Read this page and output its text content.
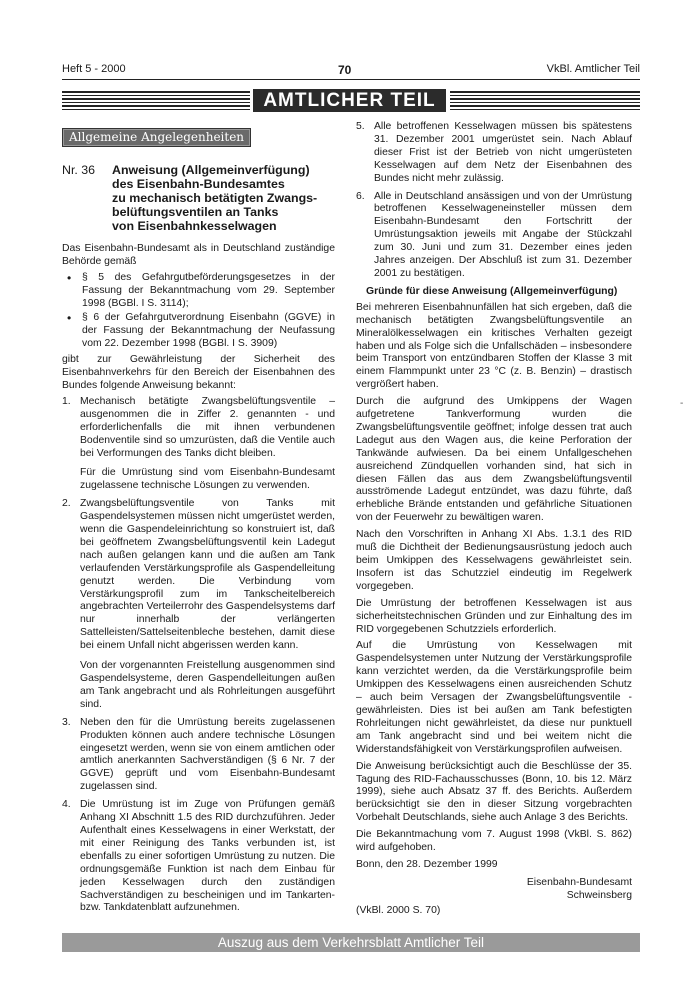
Heft 5 - 2000	70	VkBl. Amtlicher Teil
AMTLICHER TEIL
Allgemeine Angelegenheiten
Nr. 36	Anweisung (Allgemeinverfügung)
des Eisenbahn-Bundesamtes
zu mechanisch betätigten Zwangs-
belüftungsventilen an Tanks
von Eisenbahnkesselwagen

Das Eisenbahn-Bundesamt als in Deutschland zuständige Behörde gemäß

• § 5 des Gefahrgutbeförderungsgesetzes in der Fassung der Bekanntmachung vom 29. September 1998 (BGBl. I S. 3114);
• § 6 der Gefahrgutverordnung Eisenbahn (GGVE) in der Fassung der Bekanntmachung der Neufassung vom 22. Dezember 1998 (BGBl. I S. 3909)

gibt zur Gewährleistung der Sicherheit des Eisenbahnverkehrs für den Bereich der Eisenbahnen des Bundes folgende Anweisung bekannt:

1. Mechanisch betätigte Zwangsbelüftungsventile – ausgenommen die in Ziffer 2. genannten - und erforderlichenfalls die mit ihnen verbundenen Bodenventile sind so umzurüsten, daß die Ventile auch bei Verformungen des Tanks dicht bleiben.

Für die Umrüstung sind vom Eisenbahn-Bundesamt zugelassene technische Lösungen zu verwenden.

2. Zwangsbelüftungsventile von Tanks mit Gaspendelsystemen müssen nicht umgerüstet werden, wenn die Gaspendeleinrichtung so konstruiert ist, daß bei geöffnetem Zwangsbelüftungsventil kein Ladegut nach außen gelangen kann und die außen am Tank verlaufenden Verstärkungsprofile als Gaspendelleitung genutzt werden. Die Verbindung vom Verstärkungsprofil zum im Tankscheitelbereich angebrachten Verteilerrohr des Gaspendelsystems darf nur innerhalb der verlängerten Sattelleisten/Sattelseitenbleche bestehen, damit diese bei einem Unfall nicht abgerissen werden kann.

Von der vorgenannten Freistellung ausgenommen sind Gaspendelsysteme, deren Gaspendelleitungen außen am Tank angebracht und als Rohrleitungen ausgeführt sind.

3. Neben den für die Umrüstung bereits zugelassenen Produkten können auch andere technische Lösungen eingesetzt werden, wenn sie von einem amtlichen oder amtlich anerkannten Sachverständigen (§ 6 Nr. 7 der GGVE) geprüft und vom Eisenbahn-Bundesamt zugelassen sind.

4. Die Umrüstung ist im Zuge von Prüfungen gemäß Anhang XI Abschnitt 1.5 des RID durchzuführen. Jeder Aufenthalt eines Kesselwagens in einer Werkstatt, der mit einer Reinigung des Tanks verbunden ist, ist ebenfalls zu einer sofortigen Umrüstung zu nutzen. Die ordnungsgemäße Funktion ist nach dem Einbau für jeden Kesselwagen durch den zuständigen Sachverständigen zu bescheinigen und im Tankarten- bzw. Tankdatenblatt aufzunehmen.

5. Alle betroffenen Kesselwagen müssen bis spätestens 31. Dezember 2001 umgerüstet sein. Nach Ablauf dieser Frist ist der Betrieb von nicht umgerüsteten Kesselwagen auf dem Netz der Eisenbahnen des Bundes nicht mehr zulässig.

6. Alle in Deutschland ansässigen und von der Umrüstung betroffenen Kesselwageneinsteller müssen dem Eisenbahn-Bundesamt den Fortschritt der Umrüstungsaktion jeweils mit Angabe der Stückzahl zum 30. Juni und zum 31. Dezember eines jeden Jahres anzeigen. Der Abschluß ist zum 31. Dezember 2001 zu bestätigen.

Gründe für diese Anweisung (Allgemeinverfügung)

Bei mehreren Eisenbahnunfällen hat sich ergeben, daß die mechanisch betätigten Zwangsbelüftungsventile an Mineralölkesselwagen ein kritisches Verhalten gezeigt haben und als Folge sich die Unfallschäden – insbesondere beim Transport von entzündbaren Stoffen der Klasse 3 mit einem Flammpunkt unter 23 °C (z. B. Benzin) – drastisch vergrößert haben.

Durch die aufgrund des Umkippens der Wagen aufgetretene Tankverformung wurden die Zwangsbelüftungsventile geöffnet; infolge dessen trat auch Ladegut aus den Wagen aus, die keine Perforation der Tankwände aufwiesen. Da bei einem Unfallgeschehen ausreichend Zündquellen vorhanden sind, hat sich in diesen Fällen das aus dem Zwangsbelüftungsventil ausströmende Ladegut entzündet, was dazu führte, daß erhebliche Brände entstanden und gefährliche Situationen von der Feuerwehr zu bewältigen waren.

Nach den Vorschriften in Anhang XI Abs. 1.3.1 des RID muß die Dichtheit der Bedienungsausrüstung jedoch auch beim Umkippen des Kesselwagens gewährleistet sein. Insofern ist das Schutzziel eindeutig im Regelwerk vorgegeben.

Die Umrüstung der betroffenen Kesselwagen ist aus sicherheitstechnischen Gründen und zur Einhaltung des im RID vorgegebenen Schutzziels erforderlich.

Auf die Umrüstung von Kesselwagen mit Gaspendelsystemen unter Nutzung der Verstärkungsprofile kann verzichtet werden, da die Verstärkungsprofile beim Umkippen des Kesselwagens einen ausreichenden Schutz – auch beim Versagen der Zwangsbelüftungsventile - gewährleisten. Dies ist bei außen am Tank befestigten Rohrleitungen nicht gewährleistet, da diese nur punktuell am Tank angebracht sind und bei weitem nicht die Widerstandsfähigkeit von Verstärkungsprofilen aufweisen.

Die Anweisung berücksichtigt auch die Beschlüsse der 35. Tagung des RID-Fachausschusses (Bonn, 10. bis 12. März 1999), siehe auch Absatz 37 ff. des Berichts. Außerdem berücksichtigt sie den in dieser Sitzung vorgebrachten Vorbehalt Deutschlands, siehe auch Anlage 3 des Berichts.

Die Bekanntmachung vom 7. August 1998 (VkBl. S. 862) wird aufgehoben.

Bonn, den 28. Dezember 1999
Eisenbahn-Bundesamt
Schweinsberg
(VkBl. 2000 S. 70)
-
Auszug aus dem Verkehrsblatt Amtlicher Teil
